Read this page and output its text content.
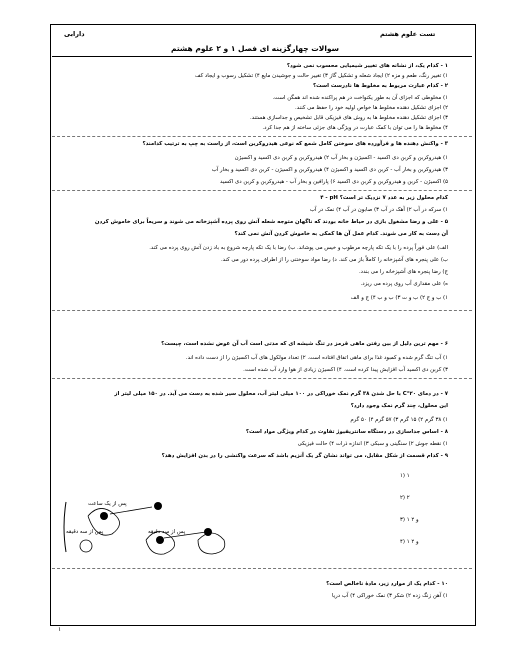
تست علوم هشتم
دارابی
سوالات چهارگزینه ای فصل ۱ و ۲ علوم هشتم
۱ - کدام یک، از نشانه های تغییر شیمیایی محسوب نمی شود؟
۱) تغییر رنگ، طعم و مزه ۲) ایجاد شعله و تشکیل گاز ۳) تغییر حالت و جوشیدن مایع ۴) تشکیل رسوب و ایجاد کف
۲ - کدام عبارت مربوط به مخلوط ها نادرست است؟
۱) مخلوطی که اجزای آن به طور یکنواخت در هم پراکنده شده اند همگن است.
۲) اجزای تشکیل دهنده مخلوط ها خواص اولیه خود را حفظ می کنند.
۳) اجزای تشکیل دهنده مخلوط ها به روش های فیزیکی قابل تشخیص و جداسازی هستند.
۴) مخلوط ها را می توان با کمک عبارت در ویژگی های جزئی ساخته از هم جدا کرد.
۳ - واکنش دهنده ها و فرآورده های سوختن کامل شمع که نوعی هیدروکربن است، از راست به چپ به ترتیب کدامند؟
۱) هیدروکربن و کربن دی اکسید - اکسیژن و بخار آب ۲) هیدروکربن و کربن دی اکسید و اکسیژن
۳) هیدروکربن و بخار آب - کربن دی اکسید و اکسیژن ۴) هیدروکربن و اکسیژن - کربن دی اکسید و بخار آب
۵) اکسیژن - کربن و هیدروکربن و کربن دی اکسید ۶) پارافین و بخار آب - هیدروکربن و کربن دی اکسید
۴ - pH کدام محلول زیر به عدد ۷ نزدیک تر است؟
۱) سرکه در آب ۲) آهک در آب ۳) صابون در آب ۴) نمک در آب
۵ - علی و رضا مشغول بازی در حیاط خانه بودند که ناگهان متوجه شعله آتش روی پرده آشپزخانه می شوند و سریعاً برای خاموش کردن
آن دست به کار می شوند. کدام عمل آن ها کمکی به خاموش کردن آتش نمی کند؟
الف) علی فوراً پرده را با یک تکه پارچه مرطوب و خیس می پوشاند. ب) رضا با یک تکه پارچه شروع به باد زدن آتش روی پرده می کند.
ب) علی پنجره های آشپزخانه را کاملاً باز می کند. د) رضا مواد سوختنی را از اطراف پرده دور می کند.
ج) رضا پنجره های آشپزخانه را می بندد.
ه) علی مقداری آب روی پرده می ریزد.
۱) ب و ج ۲) ب و ت ۳) ب و ب ۴) ج و الف
۶ - مهم ترین دلیل از بین رفتن ماهی قرمز در تنگ شیشه ای که مدتی است آب آن عوض نشده است، چیست؟
۱) آب تنگ گرم شده و کمبود غذا برای ماهی اتفاق افتاده است. ۲) تعداد مولکول های آب اکسیژن را از دست داده اند.
۳) کربن دی اکسید آب افزایش پیدا کرده است. ۴) اکسیژن زیادی از هوا وارد آب شده است.
۷ - در دمای ۲۰°C با حل شدن ۳۸ گرم نمک خوراکی در ۱۰۰ میلی لیتر آب، محلول سیر شده به دست می آید. در ۱۵۰ میلی لیتر از
این محلول، چند گرم نمک وجود دارد؟
۱) ۳۸ گرم ۲) ۱۵ گرم ۳) ۵۷ گرم ۴) ۵۰ گرم
۸ - اساس جداسازی در دستگاه سانتریفیوژ تفاوت در کدام ویژگی مواد است؟
۱) نقطه جوش ۲) سنگینی و سبکی ۳) اندازه ذرات ۴) حالت فیزیکی
۹ - کدام قسمت از شکل مقابل، می تواند نشان گر یک آنزیم باشد که سرعت واکنشی را در بدن افزایش دهد؟
۱) ۱
۲) ۲
۳) ۱ و ۲
۴) ۱ و ۲
پس از یک ساعت
پس از سه دقیقه	پس از سه دقیقه
۱۰ - کدام یک از موارد زیر، مادهٔ ناخالص است؟
۱) آهن زنگ زده ۲) شکر ۳) نمک خوراکی ۴) آب دریا
۱
